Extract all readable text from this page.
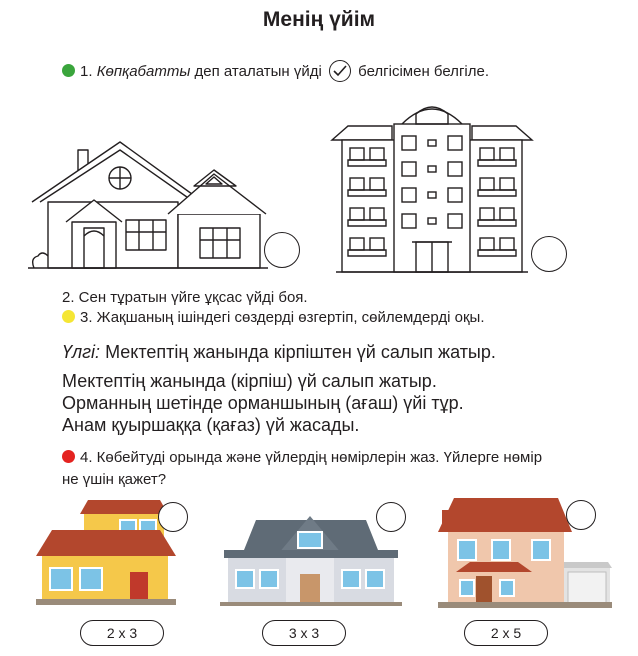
Менің үйім
1. Көпқабатты деп аталатын үйді белгісімен белгіле.
2. Сен тұратын үйге ұқсас үйді боя.
3. Жақшаның ішіндегі сөздерді өзгертіп, сөйлемдерді оқы.
Үлгі: Мектептің жанында кірпіштен үй салып жатыр.
Мектептің жанында (кірпіш) үй салып жатыр.
Орманның шетінде орманшының (ағаш) үйі тұр.
Анам қуыршаққа (қағаз) үй жасады.
4. Көбейтуді орында және үйлердің нөмірлерін жаз. Үйлерге нөмір
не үшін қажет?
2 x 3	3 x 3	2 x 5
